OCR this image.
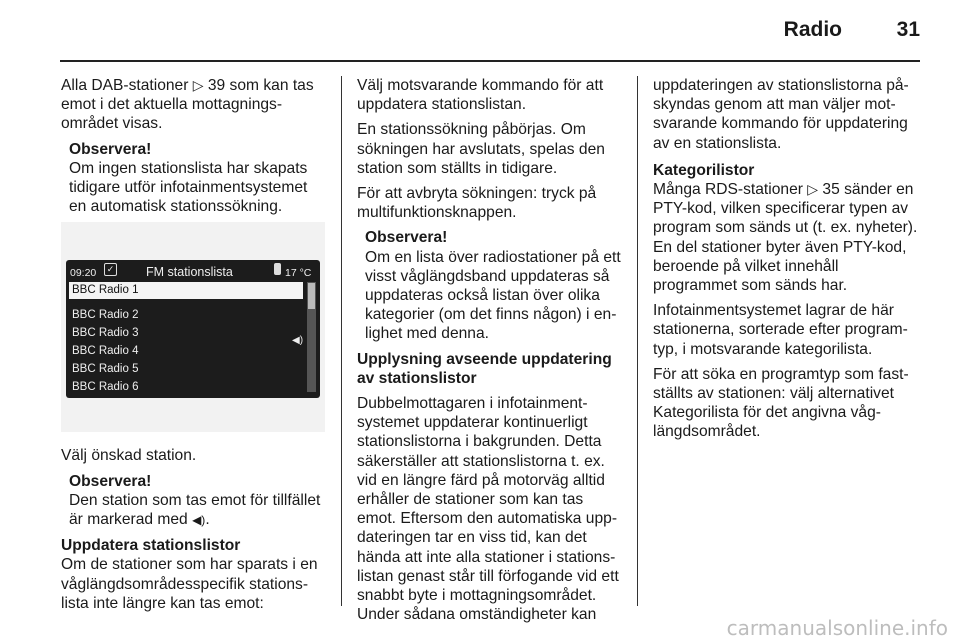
Radio	31

Alla DAB-stationer ▷ 39 som kan tas emot i det aktuella mottagningsområdet visas.

Observera!

Om ingen stationslista har skapats tidigare utför infotainmentsystemet en automatisk stationssökning.

09:20	✓	FM stationslista	17 °C
BBC Radio 1
BBC Radio 2
BBC Radio 3
BBC Radio 4
BBC Radio 5
BBC Radio 6
◀)

Välj önskad station.

Observera!

Den station som tas emot för tillfället är markerad med ◀).

Uppdatera stationslistor

Om de stationer som har sparats i en våglängdsområdesspecifik stationslista inte längre kan tas emot:

Välj motsvarande kommando för att uppdatera stationslistan.

En stationssökning påbörjas. Om sökningen har avslutats, spelas den station som ställts in tidigare.

För att avbryta sökningen: tryck på multifunktionsknappen.

Observera!

Om en lista över radiostationer på ett visst våglängdsband uppdateras så uppdateras också listan över olika kategorier (om det finns någon) i enlighet med denna.

Upplysning avseende uppdatering av stationslistor

Dubbelmottagaren i infotainmentsystemet uppdaterar kontinuerligt stationslistorna i bakgrunden. Detta säkerställer att stationslistorna t. ex. vid en längre färd på motorväg alltid erhåller de stationer som kan tas emot. Eftersom den automatiska uppdateringen tar en viss tid, kan det hända att inte alla stationer i stationslistan genast står till förfogande vid ett snabbt byte i mottagningsområdet. Under sådana omständigheter kan

uppdateringen av stationslistorna påskyndas genom att man väljer motsvarande kommando för uppdatering av en stationslista.

Kategorilistor

Många RDS-stationer ▷ 35 sänder en PTY-kod, vilken specificerar typen av program som sänds ut (t. ex. nyheter). En del stationer byter även PTY-kod, beroende på vilket innehåll programmet som sänds har.

Infotainmentsystemet lagrar de här stationerna, sorterade efter programtyp, i motsvarande kategorilista.

För att söka en programtyp som fastställts av stationen: välj alternativet Kategorilista för det angivna våglängdsområdet.

carmanualsonline.info
